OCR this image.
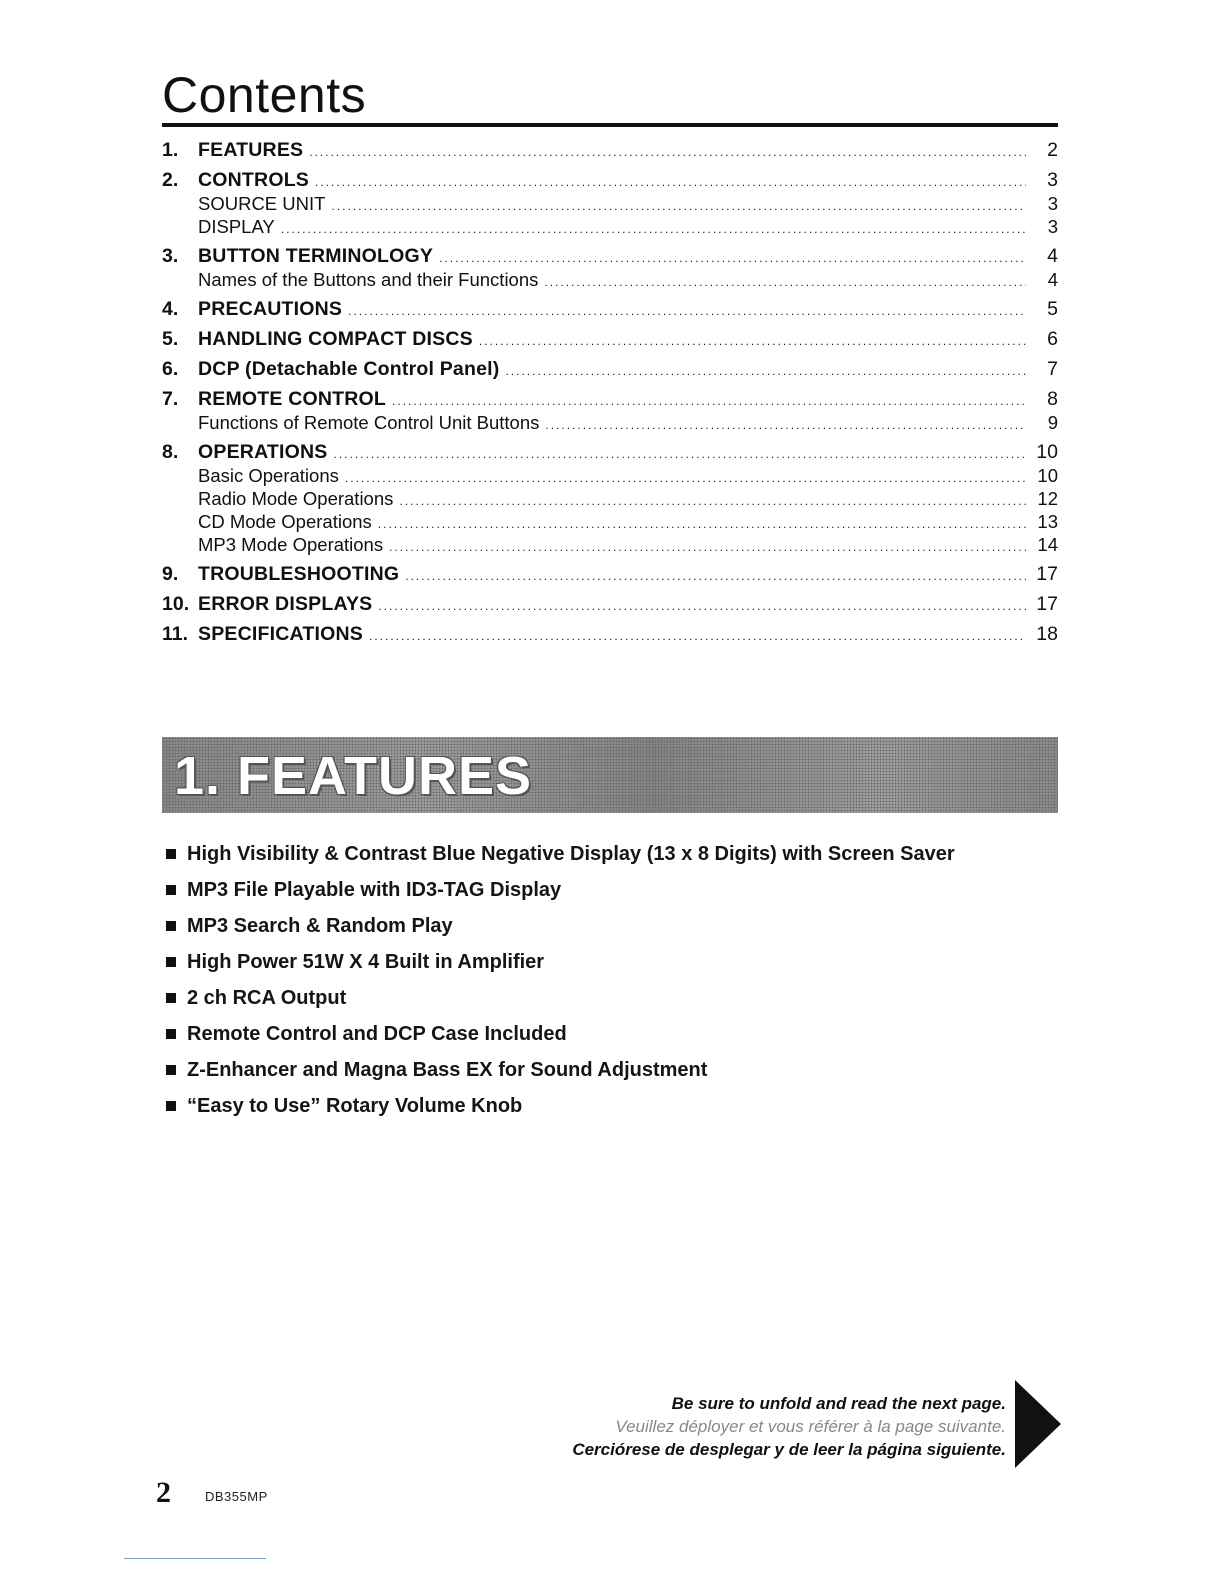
Contents
1.	FEATURES .....	2
2.	CONTROLS .....	3
SOURCE UNIT .....	3
DISPLAY .....	3
3.	BUTTON TERMINOLOGY .....	4
Names of the Buttons and their Functions .....	4
4.	PRECAUTIONS .....	5
5.	HANDLING COMPACT DISCS .....	6
6.	DCP (Detachable Control Panel) .....	7
7.	REMOTE CONTROL .....	8
Functions of Remote Control Unit Buttons .....	9
8.	OPERATIONS .....	10
Basic Operations .....	10
Radio Mode Operations .....	12
CD Mode Operations .....	13
MP3 Mode Operations .....	14
9.	TROUBLESHOOTING .....	17
10. ERROR DISPLAYS .....	17
11. SPECIFICATIONS .....	18
1. FEATURES
High Visibility & Contrast Blue Negative Display (13 x 8 Digits) with Screen Saver
MP3 File Playable with ID3-TAG Display
MP3 Search & Random Play
High Power 51W X 4 Built in Amplifier
2 ch RCA Output
Remote Control and DCP Case Included
Z-Enhancer and Magna Bass EX for Sound Adjustment
“Easy to Use” Rotary Volume Knob
Be sure to unfold and read the next page.
Veuillez déployer et vous référer à la page suivante.
Cerciórese de desplegar y de leer la página siguiente.
2	DB355MP
